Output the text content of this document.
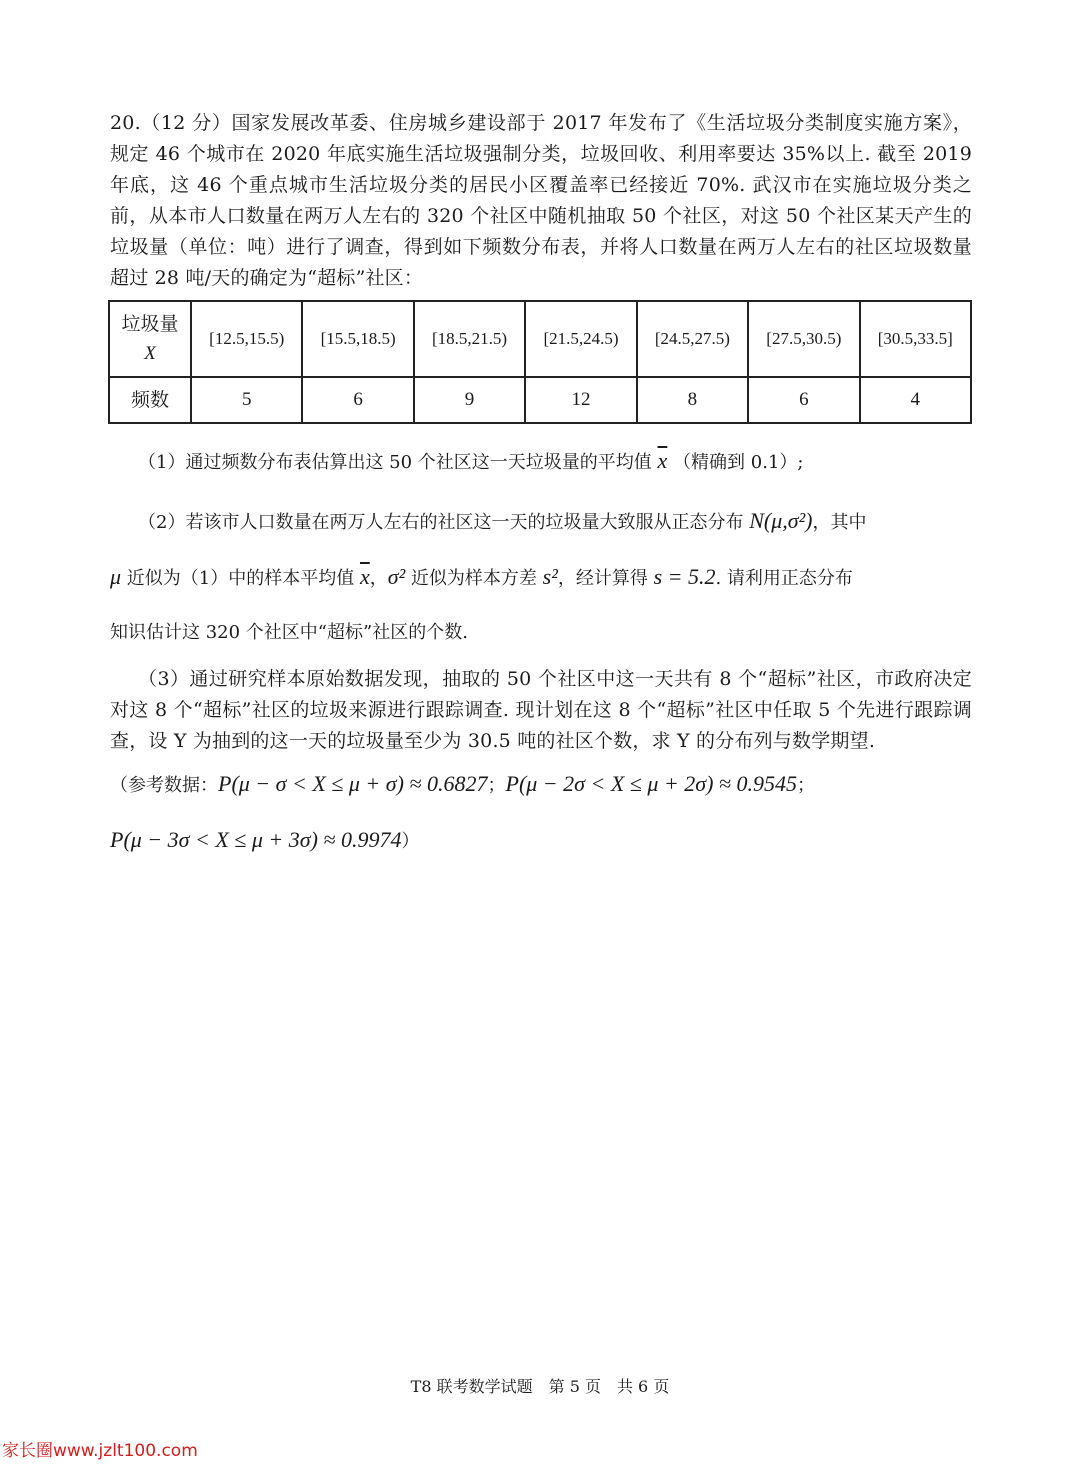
20.（12 分）国家发展改革委、住房城乡建设部于 2017 年发布了《生活垃圾分类制度实施方案》，规定 46 个城市在 2020 年底实施生活垃圾强制分类，垃圾回收、利用率要达 35%以上. 截至 2019 年底，这 46 个重点城市生活垃圾分类的居民小区覆盖率已经接近 70%. 武汉市在实施垃圾分类之前，从本市人口数量在两万人左右的 320 个社区中随机抽取 50 个社区，对这 50 个社区某天产生的垃圾量（单位：吨）进行了调查，得到如下频数分布表，并将人口数量在两万人左右的社区垃圾数量超过 28 吨/天的确定为“超标”社区：

垃圾量
X	[12.5,15.5)	[15.5,18.5)	[18.5,21.5)	[21.5,24.5)	[24.5,27.5)	[27.5,30.5)	[30.5,33.5]
频数	5	6	9	12	8	6	4

（1）通过频数分布表估算出这 50 个社区这一天垃圾量的平均值 $\overline{x}$ （精确到 0.1）;

（2）若该市人口数量在两万人左右的社区这一天的垃圾量大致服从正态分布 N(μ,σ²)，其中

μ 近似为（1）中的样本平均值 $\overline{x}$，σ² 近似为样本方差 s²，经计算得 s = 5.2. 请利用正态分布

知识估计这 320 个社区中“超标”社区的个数.

（3）通过研究样本原始数据发现，抽取的 50 个社区中这一天共有 8 个“超标”社区，市政府决定对这 8 个“超标”社区的垃圾来源进行跟踪调查. 现计划在这 8 个“超标”社区中任取 5 个先进行跟踪调查，设 Y 为抽到的这一天的垃圾量至少为 30.5 吨的社区个数，求 Y 的分布列与数学期望.

（参考数据：P(μ − σ < X ≤ μ + σ) ≈ 0.6827；P(μ − 2σ < X ≤ μ + 2σ) ≈ 0.9545；

P(μ − 3σ < X ≤ μ + 3σ) ≈ 0.9974）

T8 联考数学试题　第 5 页　共 6 页
家长圈www.jzlt100.com
